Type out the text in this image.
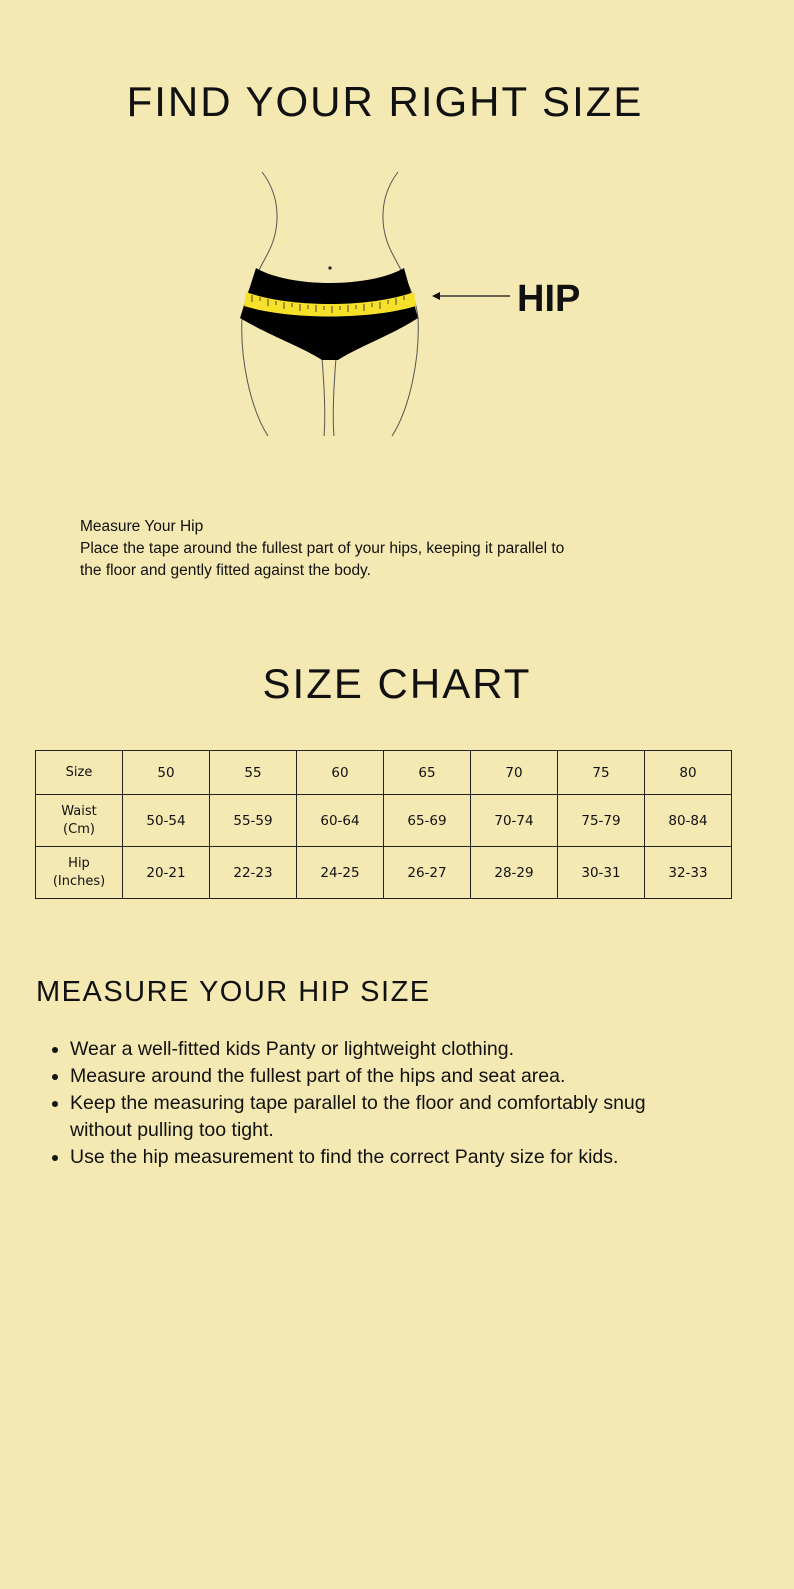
FIND YOUR RIGHT SIZE
HIP
Measure Your Hip
Place the tape around the fullest part of your hips, keeping it parallel to
the floor and gently fitted against the body.
SIZE CHART
Size	50	55	60	65	70	75	80
Waist
(Cm)	50-54	55-59	60-64	65-69	70-74	75-79	80-84
Hip
(Inches)	20-21	22-23	24-25	26-27	28-29	30-31	32-33
MEASURE YOUR HIP SIZE
• Wear a well-fitted kids Panty or lightweight clothing.
• Measure around the fullest part of the hips and seat area.
• Keep the measuring tape parallel to the floor and comfortably snug without pulling too tight.
• Use the hip measurement to find the correct Panty size for kids.
